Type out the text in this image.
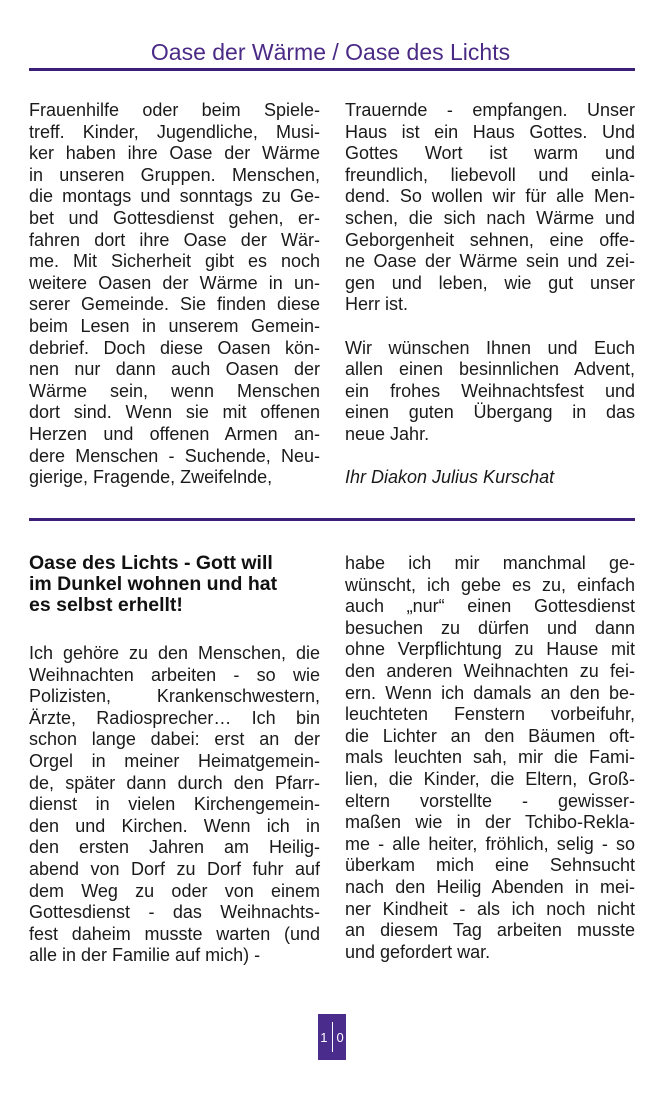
Oase der Wärme / Oase des Lichts
Frauenhilfe oder beim Spiele-
treff. Kinder, Jugendliche, Musi-
ker haben ihre Oase der Wärme
in unseren Gruppen. Menschen,
die montags und sonntags zu Ge-
bet und Gottesdienst gehen, er-
fahren dort ihre Oase der Wär-
me. Mit Sicherheit gibt es noch
weitere Oasen der Wärme in un-
serer Gemeinde. Sie finden diese
beim Lesen in unserem Gemein-
debrief. Doch diese Oasen kön-
nen nur dann auch Oasen der
Wärme sein, wenn Menschen
dort sind. Wenn sie mit offenen
Herzen und offenen Armen an-
dere Menschen - Suchende, Neu-
gierige, Fragende, Zweifelnde,
Trauernde - empfangen. Unser
Haus ist ein Haus Gottes. Und
Gottes Wort ist warm und
freundlich, liebevoll und einla-
dend. So wollen wir für alle Men-
schen, die sich nach Wärme und
Geborgenheit sehnen, eine offe-
ne Oase der Wärme sein und zei-
gen und leben, wie gut unser
Herr ist.
Wir wünschen Ihnen und Euch
allen einen besinnlichen Advent,
ein frohes Weihnachtsfest und
einen guten Übergang in das
neue Jahr.
Ihr Diakon Julius Kurschat
Oase des Lichts - Gott will
im Dunkel wohnen und hat
es selbst erhellt!
Ich gehöre zu den Menschen, die
Weihnachten arbeiten - so wie
Polizisten, Krankenschwestern,
Ärzte, Radiosprecher… Ich bin
schon lange dabei: erst an der
Orgel in meiner Heimatgemein-
de, später dann durch den Pfarr-
dienst in vielen Kirchengemein-
den und Kirchen. Wenn ich in
den ersten Jahren am Heilig-
abend von Dorf zu Dorf fuhr auf
dem Weg zu oder von einem
Gottesdienst - das Weihnachts-
fest daheim musste warten (und
alle in der Familie auf mich) -
habe ich mir manchmal ge-
wünscht, ich gebe es zu, einfach
auch „nur“ einen Gottesdienst
besuchen zu dürfen und dann
ohne Verpflichtung zu Hause mit
den anderen Weihnachten zu fei-
ern. Wenn ich damals an den be-
leuchteten Fenstern vorbeifuhr,
die Lichter an den Bäumen oft-
mals leuchten sah, mir die Fami-
lien, die Kinder, die Eltern, Groß-
eltern vorstellte - gewisser-
maßen wie in der Tchibo-Rekla-
me - alle heiter, fröhlich, selig - so
überkam mich eine Sehnsucht
nach den Heilig Abenden in mei-
ner Kindheit - als ich noch nicht
an diesem Tag arbeiten musste
und gefordert war.
1 0
